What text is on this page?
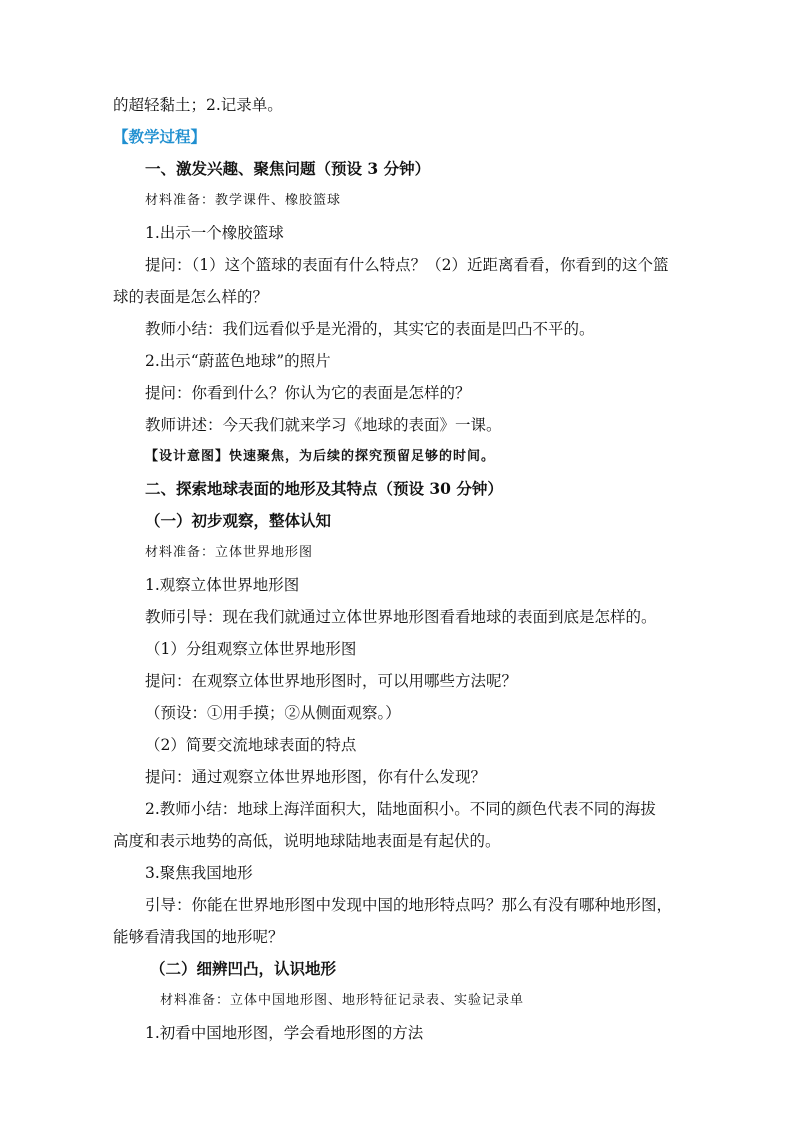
的超轻黏土；2.记录单。
【教学过程】
一、激发兴趣、聚焦问题（预设 3 分钟）
材料准备：教学课件、橡胶篮球
1.出示一个橡胶篮球
提问：（1）这个篮球的表面有什么特点？（2）近距离看看，你看到的这个篮
球的表面是怎么样的？
教师小结：我们远看似乎是光滑的，其实它的表面是凹凸不平的。
2.出示“蔚蓝色地球”的照片
提问：你看到什么？你认为它的表面是怎样的？
教师讲述：今天我们就来学习《地球的表面》一课。
【设计意图】快速聚焦，为后续的探究预留足够的时间。
二、探索地球表面的地形及其特点（预设 30 分钟）
（一）初步观察，整体认知
材料准备：立体世界地形图
1.观察立体世界地形图
教师引导：现在我们就通过立体世界地形图看看地球的表面到底是怎样的。
（1）分组观察立体世界地形图
提问：在观察立体世界地形图时，可以用哪些方法呢？
（预设：①用手摸；②从侧面观察。）
（2）简要交流地球表面的特点
提问：通过观察立体世界地形图，你有什么发现？
2.教师小结：地球上海洋面积大，陆地面积小。不同的颜色代表不同的海拔
高度和表示地势的高低，说明地球陆地表面是有起伏的。
3.聚焦我国地形
引导：你能在世界地形图中发现中国的地形特点吗？那么有没有哪种地形图，
能够看清我国的地形呢？
（二）细辨凹凸，认识地形
材料准备：立体中国地形图、地形特征记录表、实验记录单
1.初看中国地形图，学会看地形图的方法
